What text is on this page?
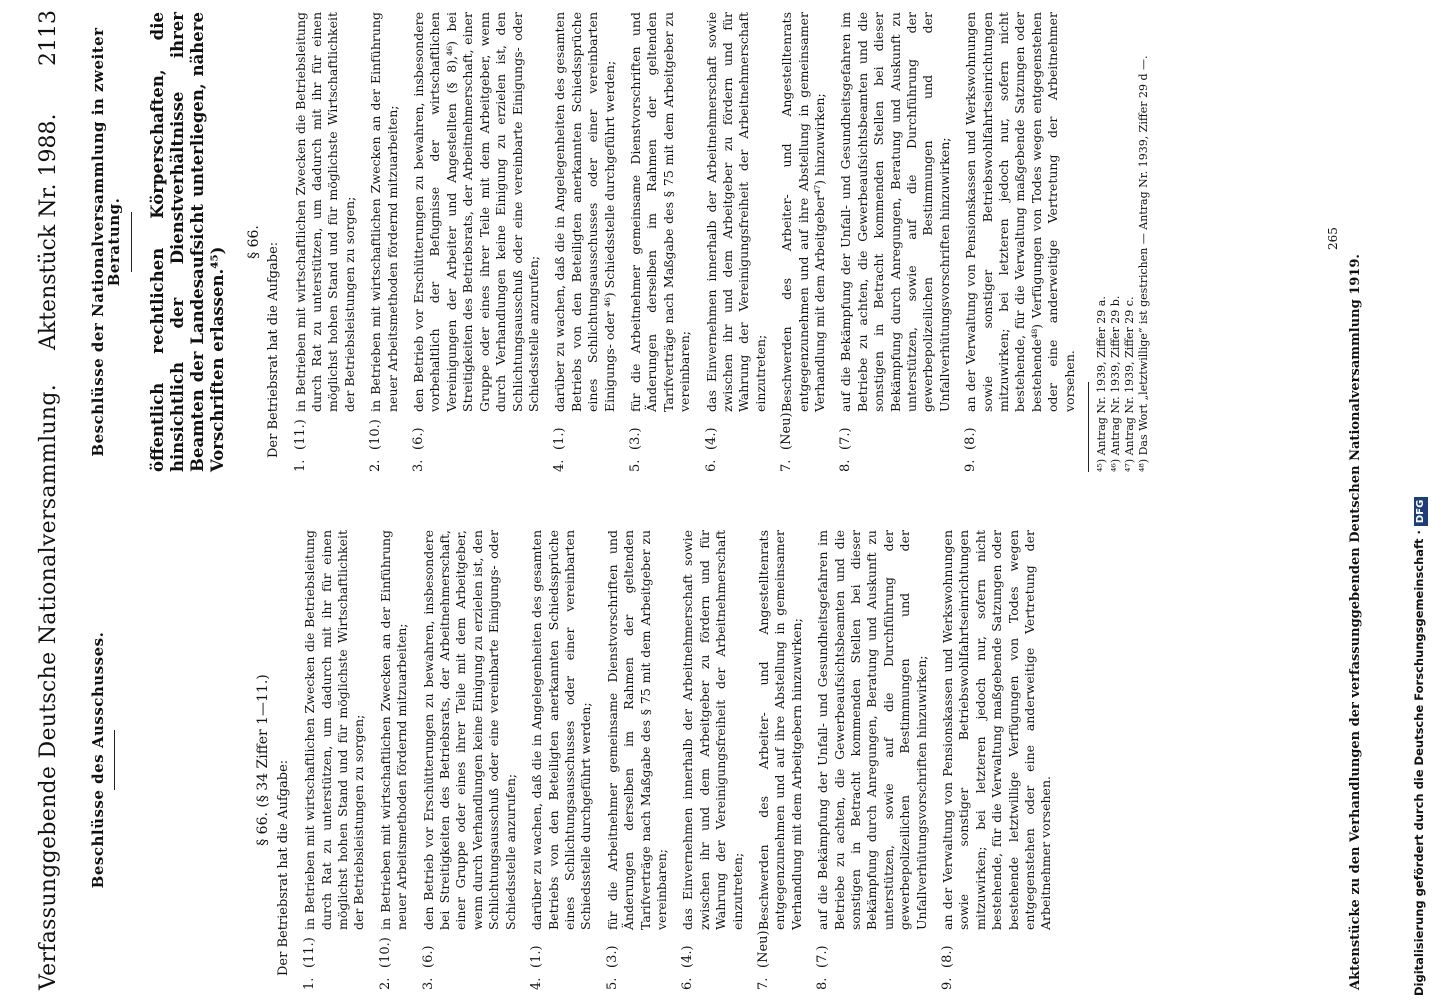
Verfassunggebende Deutsche Nationalversammlung.
Aktenstück Nr. 1988.
2113
Beschlüsse des Ausschusses.	§ 66. (§ 34 Ziffer 1—11.) Der Betriebsrat hat die Aufgabe:
1.
(11.)
in Betrieben mit wirtschaftlichen Zwecken die Betriebsleitung durch Rat zu unterstützen, um dadurch mit ihr für einen möglichst hohen Stand und für möglichste Wirtschaftlichkeit der Betriebsleistungen zu sorgen;
2.
(10.)
in Betrieben mit wirtschaftlichen Zwecken an der Einführung neuer Arbeitsmethoden fördernd mitzuarbeiten;
3.
(6.)
den Betrieb vor Erschütterungen zu bewahren, insbesondere bei Streitigkeiten des Betriebsrats, der Arbeitnehmerschaft, einer Gruppe oder eines ihrer Teile mit dem Arbeitgeber, wenn durch Verhandlungen keine Einigung zu erzielen ist, den Schlichtungsausschuß oder eine vereinbarte Einigungs- oder Schiedsstelle anzurufen;
4.
(1.)
darüber zu wachen, daß die in Angelegenheiten des gesamten Betriebs von den Beteiligten anerkannten Schiedssprüche eines Schlichtungsausschusses oder einer vereinbarten Schiedsstelle durchgeführt werden;
5.
(3.)
für die Arbeitnehmer gemeinsame Dienstvorschriften und Änderungen derselben im Rahmen der geltenden Tarifverträge nach Maßgabe des § 75 mit dem Arbeitgeber zu vereinbaren;
6.
(4.)
das Einvernehmen innerhalb der Arbeitnehmerschaft sowie zwischen ihr und dem Arbeitgeber zu fördern und für Wahrung der Vereinigungsfreiheit der Arbeitnehmerschaft einzutreten;
7.
(Neu)
Beschwerden des Arbeiter- und Angestelltenrats entgegenzunehmen und auf ihre Abstellung in gemeinsamer Verhandlung mit dem Arbeitgebern hinzuwirken;
8.
(7.)
auf die Bekämpfung der Unfall- und Gesundheitsgefahren im Betriebe zu achten, die Gewerbeaufsichtsbeamten und die sonstigen in Betracht kommenden Stellen bei dieser Bekämpfung durch Anregungen, Beratung und Auskunft zu unterstützen, sowie auf die Durchführung der gewerbepolizeilichen Bestimmungen und der Unfallverhütungsvorschriften hinzuwirken;
9.
(8.)
an der Verwaltung von Pensionskassen und Werkswohnungen sowie sonstiger Betriebswohlfahrtseinrichtungen mitzuwirken; bei letzteren jedoch nur, sofern nicht bestehende, für die Verwaltung maßgebende Satzungen oder bestehende letztwillige Verfügungen von Todes wegen entgegenstehen oder eine anderweitige Vertretung der Arbeitnehmer vorsehen.
Beschlüsse der Nationalversammlung in zweiter Beratung. öffentlich rechtlichen Körperschaften, die hinsichtlich der Dienstverhältnisse ihrer Beamten der Landesaufsicht unterliegen, nähere Vorschriften erlassen.⁴⁵)
§ 66. Der Betriebsrat hat die Aufgabe:
1.
(11.)
in Betrieben mit wirtschaftlichen Zwecken die Betriebsleitung durch Rat zu unterstützen, um dadurch mit ihr für einen möglichst hohen Stand und für möglichste Wirtschaftlichkeit der Betriebsleistungen zu sorgen;
2.
(10.)
in Betrieben mit wirtschaftlichen Zwecken an der Einführung neuer Arbeitsmethoden fördernd mitzuarbeiten;
3.
(6.)
den Betrieb vor Erschütterungen zu bewahren, insbesondere vorbehaltlich der Befugnisse der wirtschaftlichen Vereinigungen der Arbeiter und Angestellten (§ 8),⁴⁶) bei Streitigkeiten des Betriebsrats, der Arbeitnehmerschaft, einer Gruppe oder eines ihrer Teile mit dem Arbeitgeber, wenn durch Verhandlungen keine Einigung zu erzielen ist, den Schlichtungsausschuß oder eine vereinbarte Einigungs- oder Schiedsstelle anzurufen;
4.
(1.)
darüber zu wachen, daß die in Angelegenheiten des gesamten Betriebs von den Beteiligten anerkannten Schiedssprüche eines Schlichtungsausschusses oder einer vereinbarten Einigungs- oder ⁴⁶) Schiedsstelle durchgeführt werden;
5.
(3.)
für die Arbeitnehmer gemeinsame Dienstvorschriften und Änderungen derselben im Rahmen der geltenden Tarifverträge nach Maßgabe des § 75 mit dem Arbeitgeber zu vereinbaren;
6.
(4.)
das Einvernehmen innerhalb der Arbeitnehmerschaft sowie zwischen ihr und dem Arbeitgeber zu fördern und für Wahrung der Vereinigungsfreiheit der Arbeitnehmerschaft einzutreten;
7.
(Neu)
Beschwerden des Arbeiter- und Angestelltenrats entgegenzunehmen und auf ihre Abstellung in gemeinsamer Verhandlung mit dem Arbeitgeber⁴⁷) hinzuwirken;
8.
(7.)
auf die Bekämpfung der Unfall- und Gesundheitsgefahren im Betriebe zu achten, die Gewerbeaufsichtsbeamten und die sonstigen in Betracht kommenden Stellen bei dieser Bekämpfung durch Anregungen, Beratung und Auskunft zu unterstützen, sowie auf die Durchführung der gewerbepolizeilichen Bestimmungen und der Unfallverhütungsvorschriften hinzuwirken;
9.
(8.)
an der Verwaltung von Pensionskassen und Werkswohnungen sowie sonstiger Betriebswohlfahrtseinrichtungen mitzuwirken; bei letzteren jedoch nur, sofern nicht bestehende, für die Verwaltung maßgebende Satzungen oder bestehende⁴⁸) Verfügungen von Todes wegen entgegenstehen oder eine anderweitige Vertretung der Arbeitnehmer vorsehen. ⁴⁵) Antrag Nr. 1939, Ziffer 29 a. ⁴⁶) Antrag Nr. 1939, Ziffer 29 b. ⁴⁷) Antrag Nr. 1939, Ziffer 29 c. ⁴⁸) Das Wort „letztwillige“ ist gestrichen — Antrag Nr. 1939, Ziffer 29 d —.	Aktenstücke zu den Verhandlungen der verfassunggebenden Deutschen Nationalversammlung 1919.
265
Digitalisierung gefördert durch die Deutsche Forschungsgemeinschaft ·DFG
